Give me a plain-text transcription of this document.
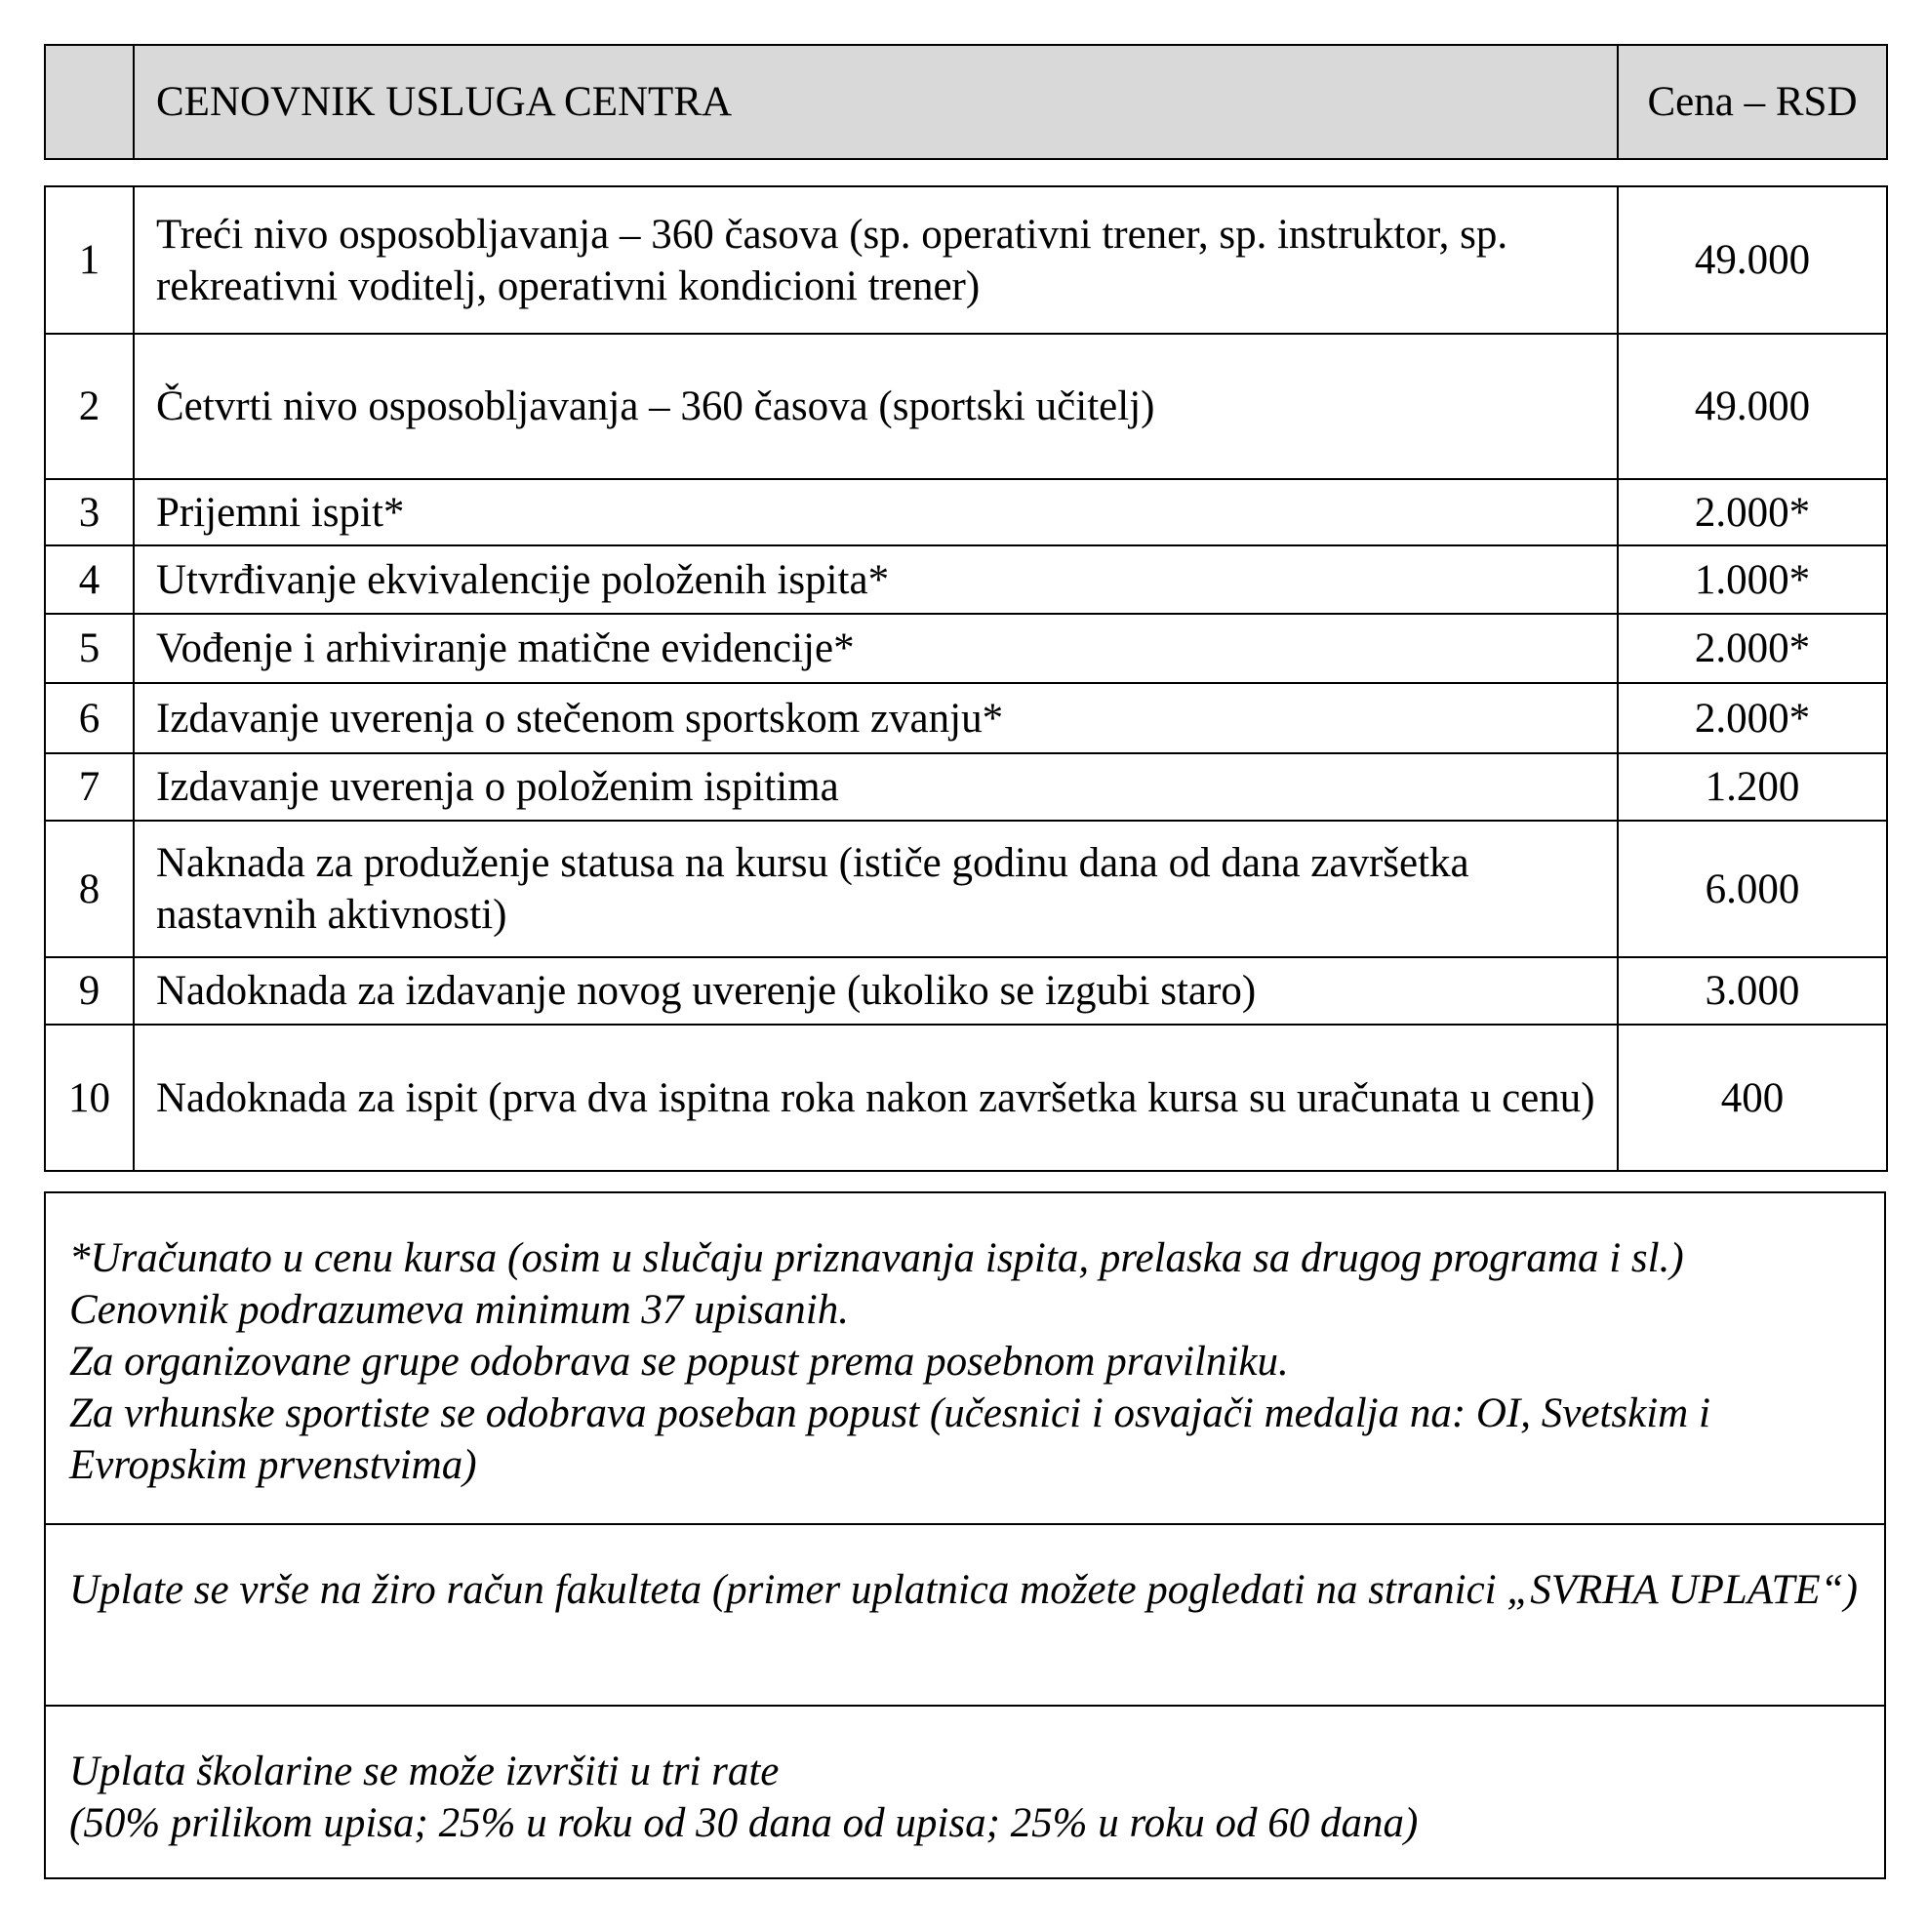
	CENOVNIK USLUGA CENTRA	Cena – RSD
1	Treći nivo osposobljavanja – 360 časova (sp. operativni trener, sp. instruktor, sp. rekreativni voditelj, operativni kondicioni trener)	49.000
2	Četvrti nivo osposobljavanja – 360 časova (sportski učitelj)	49.000
3	Prijemni ispit*	2.000*
4	Utvrđivanje ekvivalencije položenih ispita*	1.000*
5	Vođenje i arhiviranje matične evidencije*	2.000*
6	Izdavanje uverenja o stečenom sportskom zvanju*	2.000*
7	Izdavanje uverenja o položenim ispitima	1.200
8	Naknada za produženje statusa na kursu (ističe godinu dana od dana završetka nastavnih aktivnosti)	6.000
9	Nadoknada za izdavanje novog uverenje (ukoliko se izgubi staro)	3.000
10	Nadoknada za ispit (prva dva ispitna roka nakon završetka kursa su uračunata u cenu)	400
*Uračunato u cenu kursa (osim u slučaju priznavanja ispita, prelaska sa drugog programa i sl.)
Cenovnik podrazumeva minimum 37 upisanih.
Za organizovane grupe odobrava se popust prema posebnom pravilniku.
Za vrhunske sportiste se odobrava poseban popust (učesnici i osvajači medalja na: OI, Svetskim i Evropskim prvenstvima)

Uplate se vrše na žiro račun fakulteta (primer uplatnica možete pogledati na stranici „SVRHA UPLATE“)

Uplata školarine se može izvršiti u tri rate
(50% prilikom upisa; 25% u roku od 30 dana od upisa; 25% u roku od 60 dana)
